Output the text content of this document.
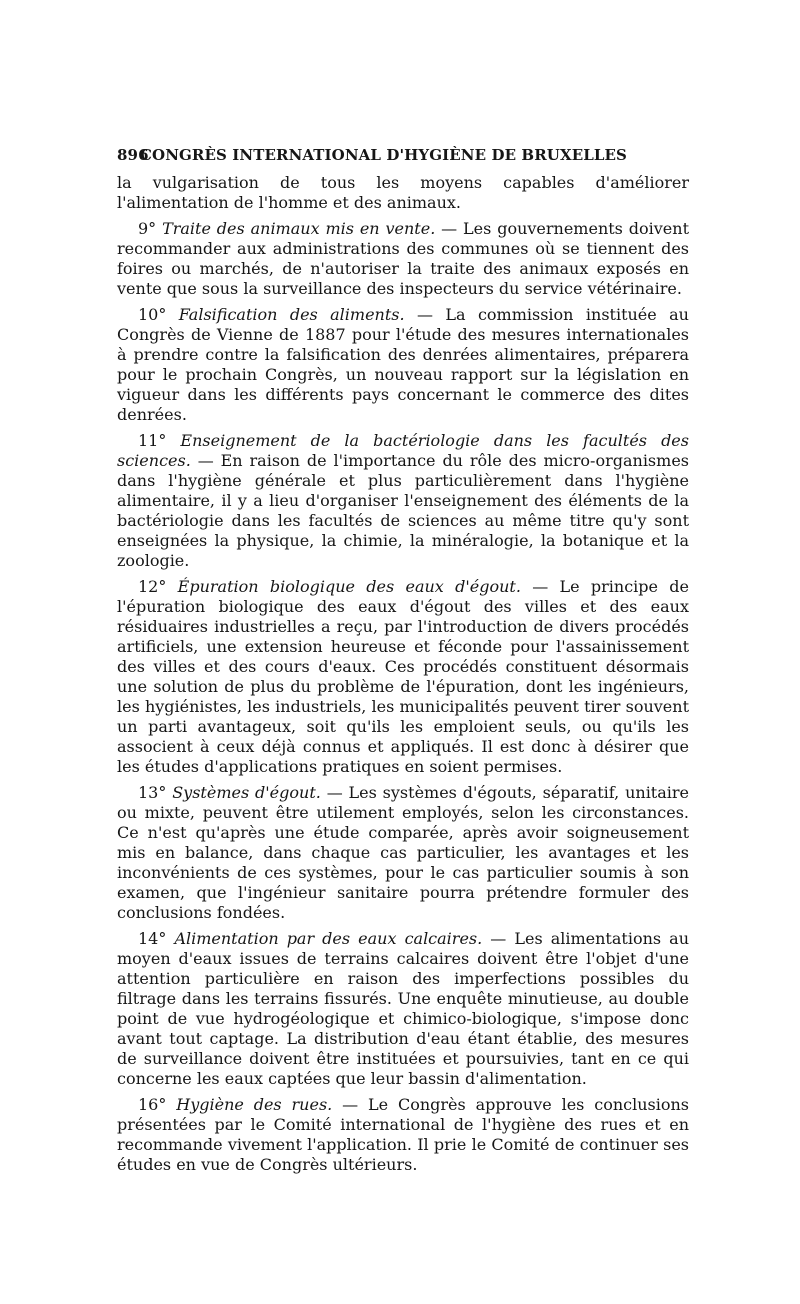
896
CONGRÈS INTERNATIONAL D'HYGIÈNE DE BRUXELLES

la vulgarisation de tous les moyens capables d'améliorer l'alimentation de l'homme et des animaux.

9° Traite des animaux mis en vente. — Les gouvernements doivent recommander aux administrations des communes où se tiennent des foires ou marchés, de n'autoriser la traite des animaux exposés en vente que sous la surveillance des inspecteurs du service vétérinaire.

10° Falsification des aliments. — La commission instituée au Congrès de Vienne de 1887 pour l'étude des mesures internationales à prendre contre la falsification des denrées alimentaires, préparera pour le prochain Congrès, un nouveau rapport sur la législation en vigueur dans les différents pays concernant le commerce des dites denrées.

11° Enseignement de la bactériologie dans les facultés des sciences. — En raison de l'importance du rôle des micro-organismes dans l'hygiène générale et plus particulièrement dans l'hygiène alimentaire, il y a lieu d'organiser l'enseignement des éléments de la bactériologie dans les facultés de sciences au même titre qu'y sont enseignées la physique, la chimie, la minéralogie, la botanique et la zoologie.

12° Épuration biologique des eaux d'égout. — Le principe de l'épuration biologique des eaux d'égout des villes et des eaux résiduaires industrielles a reçu, par l'introduction de divers procédés artificiels, une extension heureuse et féconde pour l'assainissement des villes et des cours d'eaux. Ces procédés constituent désormais une solution de plus du problème de l'épuration, dont les ingénieurs, les hygiénistes, les industriels, les municipalités peuvent tirer souvent un parti avantageux, soit qu'ils les emploient seuls, ou qu'ils les associent à ceux déjà connus et appliqués. Il est donc à désirer que les études d'applications pratiques en soient permises.

13° Systèmes d'égout. — Les systèmes d'égouts, séparatif, unitaire ou mixte, peuvent être utilement employés, selon les circonstances. Ce n'est qu'après une étude comparée, après avoir soigneusement mis en balance, dans chaque cas particulier, les avantages et les inconvénients de ces systèmes, pour le cas particulier soumis à son examen, que l'ingénieur sanitaire pourra prétendre formuler des conclusions fondées.

14° Alimentation par des eaux calcaires. — Les alimentations au moyen d'eaux issues de terrains calcaires doivent être l'objet d'une attention particulière en raison des imperfections possibles du filtrage dans les terrains fissurés. Une enquête minutieuse, au double point de vue hydrogéologique et chimico-biologique, s'impose donc avant tout captage. La distribution d'eau étant établie, des mesures de surveillance doivent être instituées et poursuivies, tant en ce qui concerne les eaux captées que leur bassin d'alimentation.

16° Hygiène des rues. — Le Congrès approuve les conclusions présentées par le Comité international de l'hygiène des rues et en recommande vivement l'application. Il prie le Comité de continuer ses études en vue de Congrès ultérieurs.
